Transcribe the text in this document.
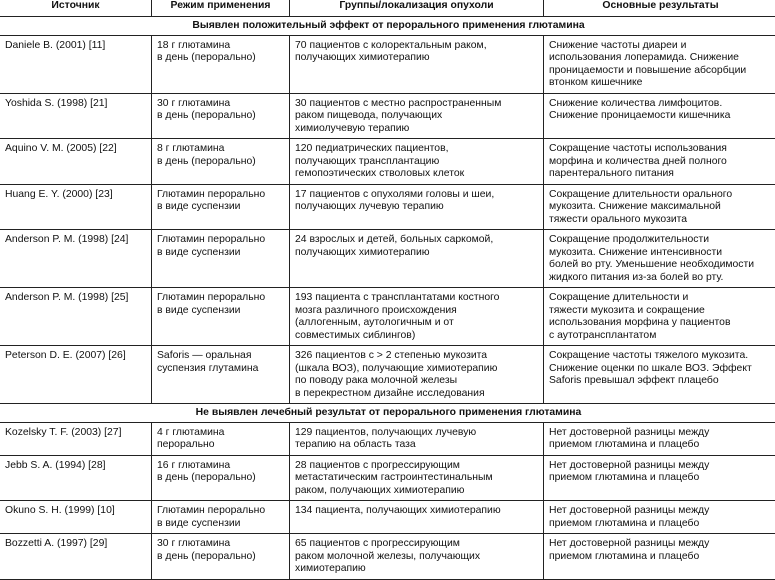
Источник	Режим применения	Группы/локализация опухоли	Основные результаты
Выявлен положительный эффект от перорального применения глютамина			

Daniele B. (2001) [11]	18 г глютамина
в день (перорально)	70 пациентов с колоректальным раком,
получающих химиотерапию	Снижение частоты диареи и
использования лоперамида. Снижение
проницаемости и повышение абсорбции
втонком кишечнике

Yoshida S. (1998) [21]	30 г глютамина
в день (перорально)	30 пациентов с местно распространенным
раком пищевода, получающих
химиолучевую терапию	Снижение количества лимфоцитов.
Снижение проницаемости кишечника

Aquino V. M. (2005) [22]	8 г глютамина
в день (перорально)	120 педиатрических пациентов,
получающих трансплантацию
гемопоэтических стволовых клеток	Сокращение частоты использования
морфина и количества дней полного
парентерального питания

Huang E. Y. (2000) [23]	Глютамин перорально
в виде суспензии	17 пациентов с опухолями головы и шеи,
получающих лучевую терапию	Сокращение длительности орального
мукозита. Снижение максимальной
тяжести орального мукозита

Anderson P. M. (1998) [24]	Глютамин перорально
в виде суспензии	24 взрослых и детей, больных саркомой,
получающих химиотерапию	Сокращение продолжительности
мукозита. Снижение интенсивности
болей во рту. Уменьшение необходимости
жидкого питания из-за болей во рту.

Anderson P. M. (1998) [25]	Глютамин перорально
в виде суспензии	193 пациента с трансплантатами костного
мозга различного происхождения
(аллогенным, аутологичным и от
совместимых сиблингов)	Сокращение длительности и
тяжести мукозита и сокращение
использования морфина у пациентов
с аутотрансплантатом

Peterson D. E. (2007) [26]	Saforis — оральная
суспензия глутамина	326 пациентов с > 2 степенью мукозита
(шкала ВОЗ), получающие химиотерапию
по поводу рака молочной железы
в перекрестном дизайне исследования	Сокращение частоты тяжелого мукозита.
Снижение оценки по шкале ВОЗ. Эффект
Saforis превышал эффект плацебо

Не выявлен лечебный результат от перорального применения глютамина			

Kozelsky T. F. (2003) [27]	4 г глютамина
перорально	129 пациентов, получающих лучевую
терапию на область таза	Нет достоверной разницы между
приемом глютамина и плацебо

Jebb S. A. (1994) [28]	16 г глютамина
в день (перорально)	28 пациентов с прогрессирующим
метастатическим гастроинтестинальным
раком, получающих химиотерапию	Нет достоверной разницы между
приемом глютамина и плацебо

Okuno S. H. (1999) [10]	Глютамин перорально
в виде суспензии	134 пациента, получающих химиотерапию	Нет достоверной разницы между
приемом глютамина и плацебо

Bozzetti A. (1997) [29]	30 г глютамина
в день (перорально)	65 пациентов с прогрессирующим
раком молочной железы, получающих
химиотерапию	Нет достоверной разницы между
приемом глютамина и плацебо
